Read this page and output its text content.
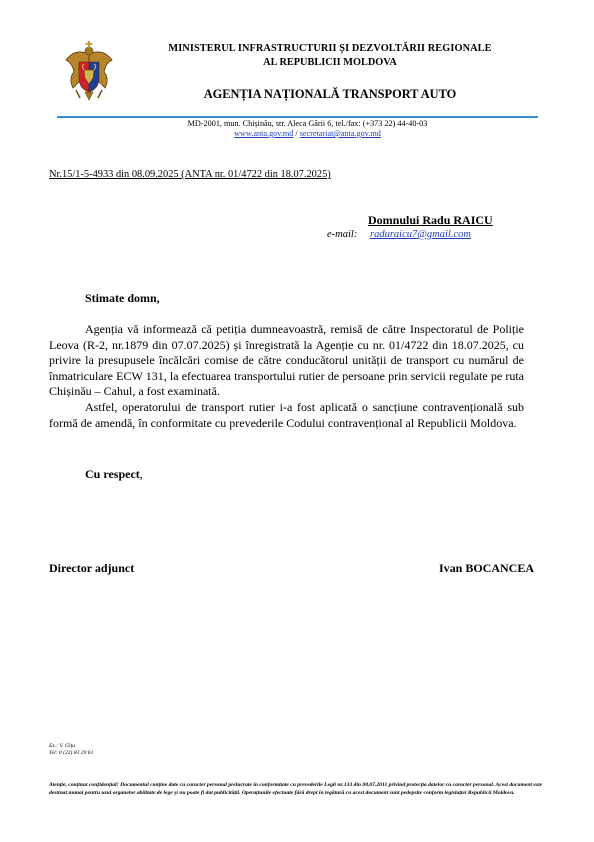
MINISTERUL INFRASTRUCTURII ȘI DEZVOLTĂRII REGIONALE
AL REPUBLICII MOLDOVA
AGENȚIA NAȚIONALĂ TRANSPORT AUTO
MD-2001, mun. Chișinău, str. Aleca Gării 6, tel./fax: (+373 22) 44-40-03
www.anta.gov.md / secretariat@anta.gov.md
Nr.15/1-5-4933 din 08.09.2025 (ANTA nr. 01/4722 din 18.07.2025)
Domnului Radu RAICU
e-mail: raduraicu7@gmail.com
Stimate domn,

Agenția vă informează că petiția dumneavoastră, remisă de către Inspectoratul de Poliție Leova (R-2, nr.1879 din 07.07.2025) și înregistrată la Agenție cu nr. 01/4722 din 18.07.2025, cu privire la presupusele încălcări comise de către conducătorul unității de transport cu numărul de înmatriculare ECW 131, la efectuarea transportului rutier de persoane prin servicii regulate pe ruta Chișinău – Cahul, a fost examinată.

Astfel, operatorului de transport rutier i-a fost aplicată o sancțiune contravențională sub formă de amendă, în conformitate cu prevederile Codului contravențional al Republicii Moldova.

Cu respect,
Director adjunct	Ivan BOCANCEA
Ex.: V. Gîțu
Tel: 0 (22) 83 20 61
Atenție, conținut confidențial! Documentul conține date cu caracter personal prelucrate în conformitate cu prevederile Legii nr.133 din 08.07.2011 privind protecția datelor cu caracter personal. Acest document este destinat numai pentru uzul organelor abilitate de lege și nu poate fi dat publicității. Operațiunile efectuate fără drept în legătură cu acest document sunt pedepsite conform legislației Republicii Moldova.
